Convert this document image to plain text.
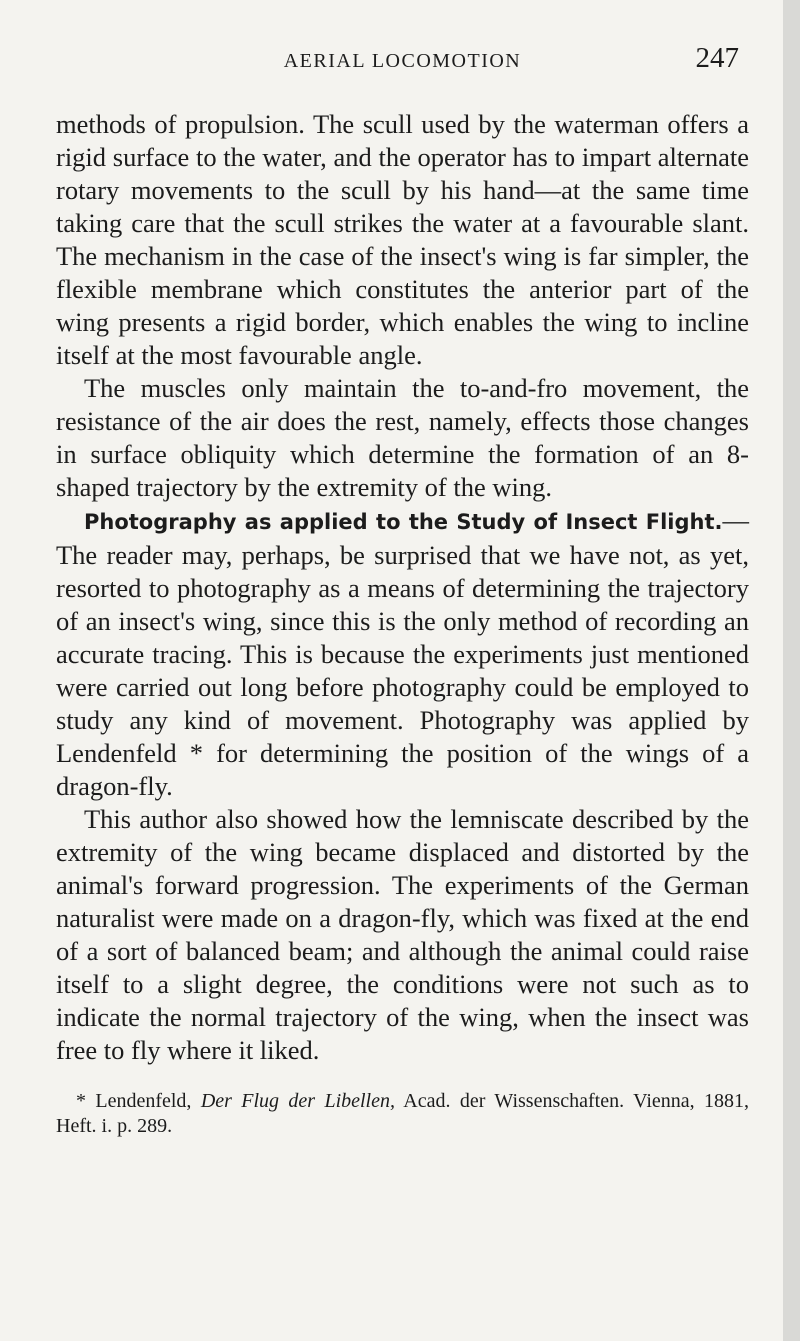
AERIAL LOCOMOTION	247

methods of propulsion. The scull used by the waterman offers a rigid surface to the water, and the operator has to impart alternate rotary movements to the scull by his hand—at the same time taking care that the scull strikes the water at a favourable slant. The mechanism in the case of the insect's wing is far simpler, the flexible membrane which constitutes the anterior part of the wing presents a rigid border, which enables the wing to incline itself at the most favourable angle.

The muscles only maintain the to-and-fro movement, the resistance of the air does the rest, namely, effects those changes in surface obliquity which determine the formation of an 8-shaped trajectory by the extremity of the wing.

Photography as applied to the Study of Insect Flight.—The reader may, perhaps, be surprised that we have not, as yet, resorted to photography as a means of determining the trajectory of an insect's wing, since this is the only method of recording an accurate tracing. This is because the experiments just mentioned were carried out long before photography could be employed to study any kind of movement. Photography was applied by Lendenfeld * for determining the position of the wings of a dragon-fly.

This author also showed how the lemniscate described by the extremity of the wing became displaced and distorted by the animal's forward progression. The experiments of the German naturalist were made on a dragon-fly, which was fixed at the end of a sort of balanced beam; and although the animal could raise itself to a slight degree, the conditions were not such as to indicate the normal trajectory of the wing, when the insect was free to fly where it liked.

* Lendenfeld, Der Flug der Libellen, Acad. der Wissenschaften. Vienna, 1881, Heft. i. p. 289.
